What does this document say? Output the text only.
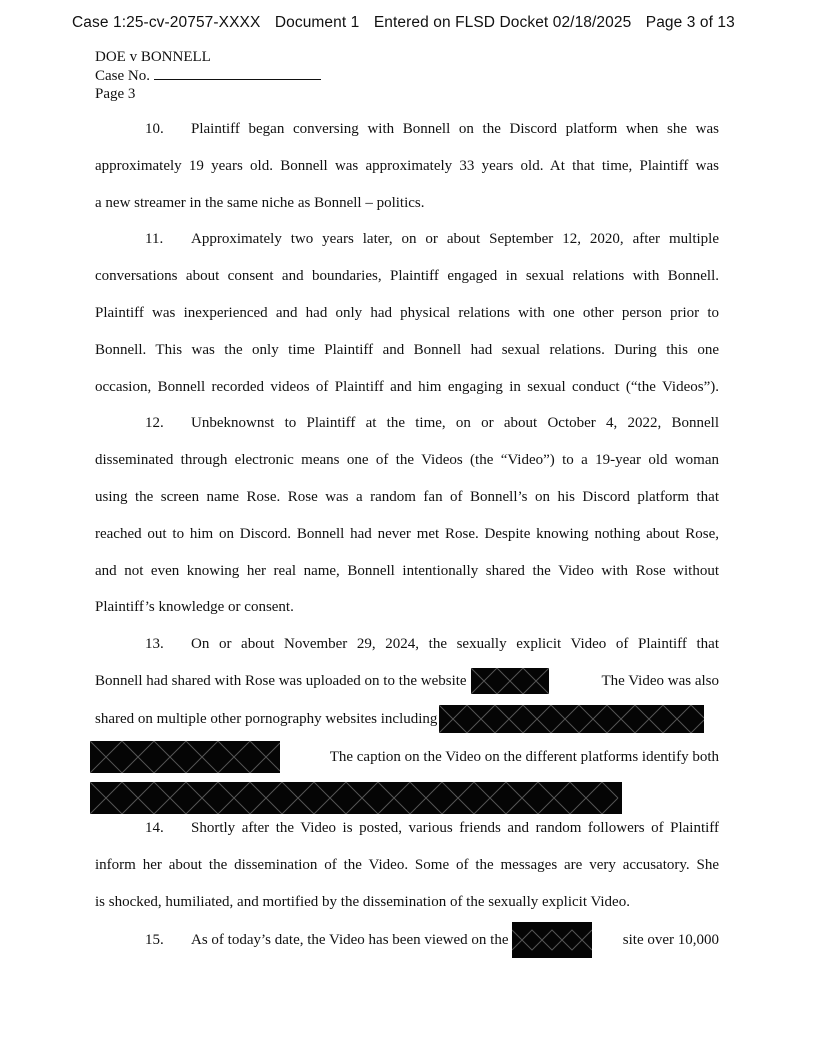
Case 1:25-cv-20757-XXXX Document 1 Entered on FLSD Docket 02/18/2025 Page 3 of 13
DOE v BONNELL
Case No.
Page 3
10.	Plaintiff began conversing with Bonnell on the Discord platform when she was
approximately 19 years old. Bonnell was approximately 33 years old. At that time, Plaintiff was
a new streamer in the same niche as Bonnell – politics.
11.	Approximately two years later, on or about September 12, 2020, after multiple
conversations about consent and boundaries, Plaintiff engaged in sexual relations with Bonnell.
Plaintiff was inexperienced and had only had physical relations with one other person prior to
Bonnell. This was the only time Plaintiff and Bonnell had sexual relations. During this one
occasion, Bonnell recorded videos of Plaintiff and him engaging in sexual conduct (“the Videos”).
12.	Unbeknownst to Plaintiff at the time, on or about October 4, 2022, Bonnell
disseminated through electronic means one of the Videos (the “Video”) to a 19-year old woman
using the screen name Rose. Rose was a random fan of Bonnell’s on his Discord platform that
reached out to him on Discord. Bonnell had never met Rose. Despite knowing nothing about Rose,
and not even knowing her real name, Bonnell intentionally shared the Video with Rose without
Plaintiff’s knowledge or consent.
13.	On or about November 29, 2024, the sexually explicit Video of Plaintiff that
Bonnell had shared with Rose was uploaded on to the website	The Video was also
shared on multiple other pornography websites including
The caption on the Video on the different platforms identify both
14.	Shortly after the Video is posted, various friends and random followers of Plaintiff
inform her about the dissemination of the Video. Some of the messages are very accusatory. She
is shocked, humiliated, and mortified by the dissemination of the sexually explicit Video.
15.	As of today’s date, the Video has been viewed on the	site over 10,000
